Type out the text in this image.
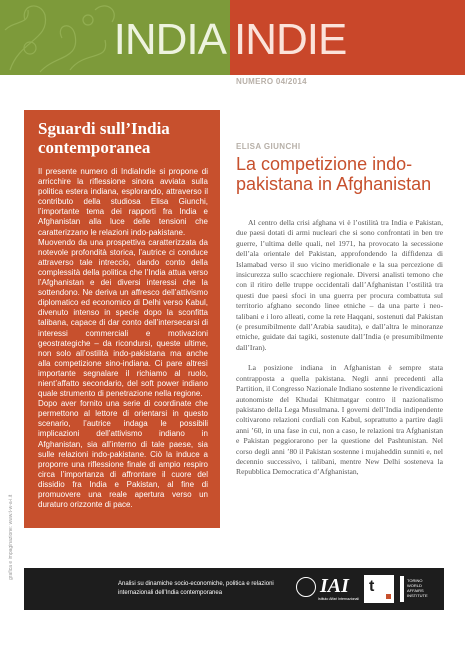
INDIA INDIE
NUMERO 04/2014
Sguardi sull’India contemporanea

Il presente numero di IndiaIndie si propone di arricchire la riflessione sinora avviata sulla politica estera indiana, esplorando, attraverso il contributo della studiosa Elisa Giunchi, l’importante tema dei rapporti fra India e Afghanistan alla luce delle tensioni che caratterizzano le relazioni indo-pakistane.

Muovendo da una prospettiva caratterizzata da notevole profondità storica, l’autrice ci conduce attraverso tale intreccio, dando conto della complessità della politica che l’India attua verso l’Afghanistan e dei diversi interessi che la sottendono. Ne deriva un affresco dell’attivismo diplomatico ed economico di Delhi verso Kabul, divenuto intenso in specie dopo la sconfitta talibana, capace di dar conto dell’intersecarsi di interessi commerciali e motivazioni geostrategiche – da ricondursi, queste ultime, non solo all’ostilità indo-pakistana ma anche alla competizione sino-indiana. Ci pare altresì importante segnalare il richiamo al ruolo, nient’affatto secondario, del soft power indiano quale strumento di penetrazione nella regione.

Dopo aver fornito una serie di coordinate che permettono al lettore di orientarsi in questo scenario, l’autrice indaga le possibili implicazioni dell’attivismo indiano in Afghanistan, sia all’interno di tale paese, sia sulle relazioni indo-pakistane. Ciò la induce a proporre una riflessione finale di ampio respiro circa l’importanza di affrontare il cuore del dissidio fra India e Pakistan, al fine di promuovere una reale apertura verso un duraturo orizzonte di pace.

ELISA GIUNCHI
La competizione indo-pakistana in Afghanistan

Al centro della crisi afghana vi è l’ostilità tra India e Pakistan, due paesi dotati di armi nucleari che si sono confrontati in ben tre guerre, l’ultima delle quali, nel 1971, ha provocato la secessione dell’ala orientale del Pakistan, approfondendo la diffidenza di Islamabad verso il suo vicino meridionale e la sua percezione di insicurezza sullo scacchiere regionale. Diversi analisti temono che con il ritiro delle truppe occidentali dall’Afghanistan l’ostilità tra questi due paesi sfoci in una guerra per procura combattuta sul territorio afghano secondo linee etniche – da una parte i neo-talibani e i loro alleati, come la rete Haqqani, sostenuti dal Pakistan (e presumibilmente dall’Arabia saudita), e dall’altra le minoranze etniche, guidate dai tagiki, sostenute dall’India (e presumibilmente dall’Iran).

La posizione indiana in Afghanistan è sempre stata contrapposta a quella pakistana. Negli anni precedenti alla Partition, il Congresso Nazionale Indiano sostenne le rivendicazioni autonomiste del Khudai Khitmatgar contro il nazionalismo pakistano della Lega Musulmana. I governi dell’India indipendente coltivarono relazioni cordiali con Kabul, soprattutto a partire dagli anni ’60, in una fase in cui, non a caso, le relazioni tra Afghanistan e Pakistan peggiorarono per la questione del Pashtunistan. Nel corso degli anni ’80 il Pakistan sostenne i mujaheddin sunniti e, nel decennio successivo, i talibani, mentre New Delhi sosteneva la Repubblica Democratica d’Afghanistan,

grafica e impaginazione: www.t-w-a-i.it
Analisi su dinamiche socio-economiche, politica e relazioni internazionali dell’India contemporanea	IAI
Istituto Affari Internazionali
t	TORINO WORLD AFFAIRS INSTITUTE
